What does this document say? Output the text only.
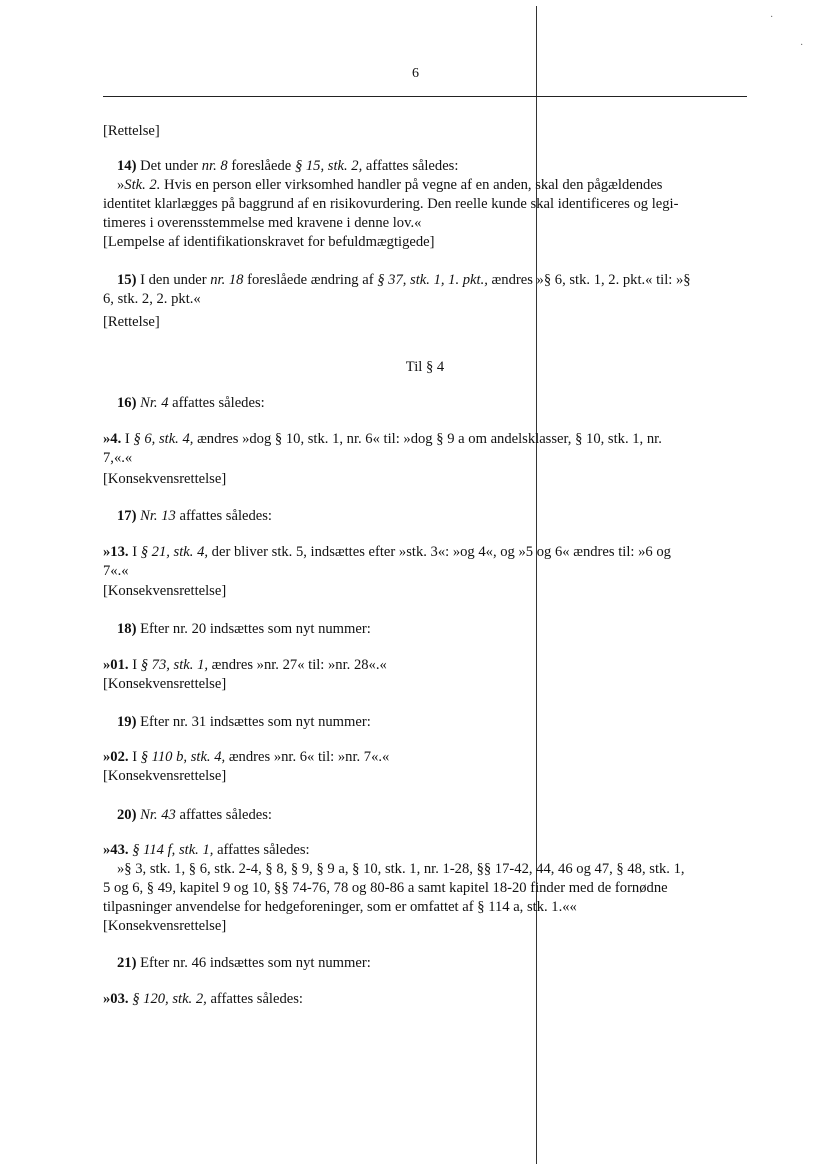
·
·
6
[Rettelse]
14) Det under nr. 8 foreslåede § 15, stk. 2, affattes således:
»Stk. 2. Hvis en person eller virksomhed handler på vegne af en anden, skal den pågældendes
identitet klarlægges på baggrund af en risikovurdering. Den reelle kunde skal identificeres og legi-
timeres i overensstemmelse med kravene i denne lov.«
[Lempelse af identifikationskravet for befuldmægtigede]
15) I den under nr. 18 foreslåede ændring af § 37, stk. 1, 1. pkt., ændres »§ 6, stk. 1, 2. pkt.« til: »§
6, stk. 2, 2. pkt.«
[Rettelse]
Til § 4
16) Nr. 4 affattes således:
»4. I § 6, stk. 4, ændres »dog § 10, stk. 1, nr. 6« til: »dog § 9 a om andelsklasser, § 10, stk. 1, nr.
7,«.«
[Konsekvensrettelse]
17) Nr. 13 affattes således:
»13. I § 21, stk. 4, der bliver stk. 5, indsættes efter »stk. 3«: »og 4«, og »5 og 6« ændres til: »6 og
7«.«
[Konsekvensrettelse]
18) Efter nr. 20 indsættes som nyt nummer:
»01. I § 73, stk. 1, ændres »nr. 27« til: »nr. 28«.«
[Konsekvensrettelse]
19) Efter nr. 31 indsættes som nyt nummer:
»02. I § 110 b, stk. 4, ændres »nr. 6« til: »nr. 7«.«
[Konsekvensrettelse]
20) Nr. 43 affattes således:
»43. § 114 f, stk. 1, affattes således:
»§ 3, stk. 1, § 6, stk. 2-4, § 8, § 9, § 9 a, § 10, stk. 1, nr. 1-28, §§ 17-42, 44, 46 og 47, § 48, stk. 1,
5 og 6, § 49, kapitel 9 og 10, §§ 74-76, 78 og 80-86 a samt kapitel 18-20 finder med de fornødne
tilpasninger anvendelse for hedgeforeninger, som er omfattet af § 114 a, stk. 1.««
[Konsekvensrettelse]
21) Efter nr. 46 indsættes som nyt nummer:
»03. § 120, stk. 2, affattes således:
